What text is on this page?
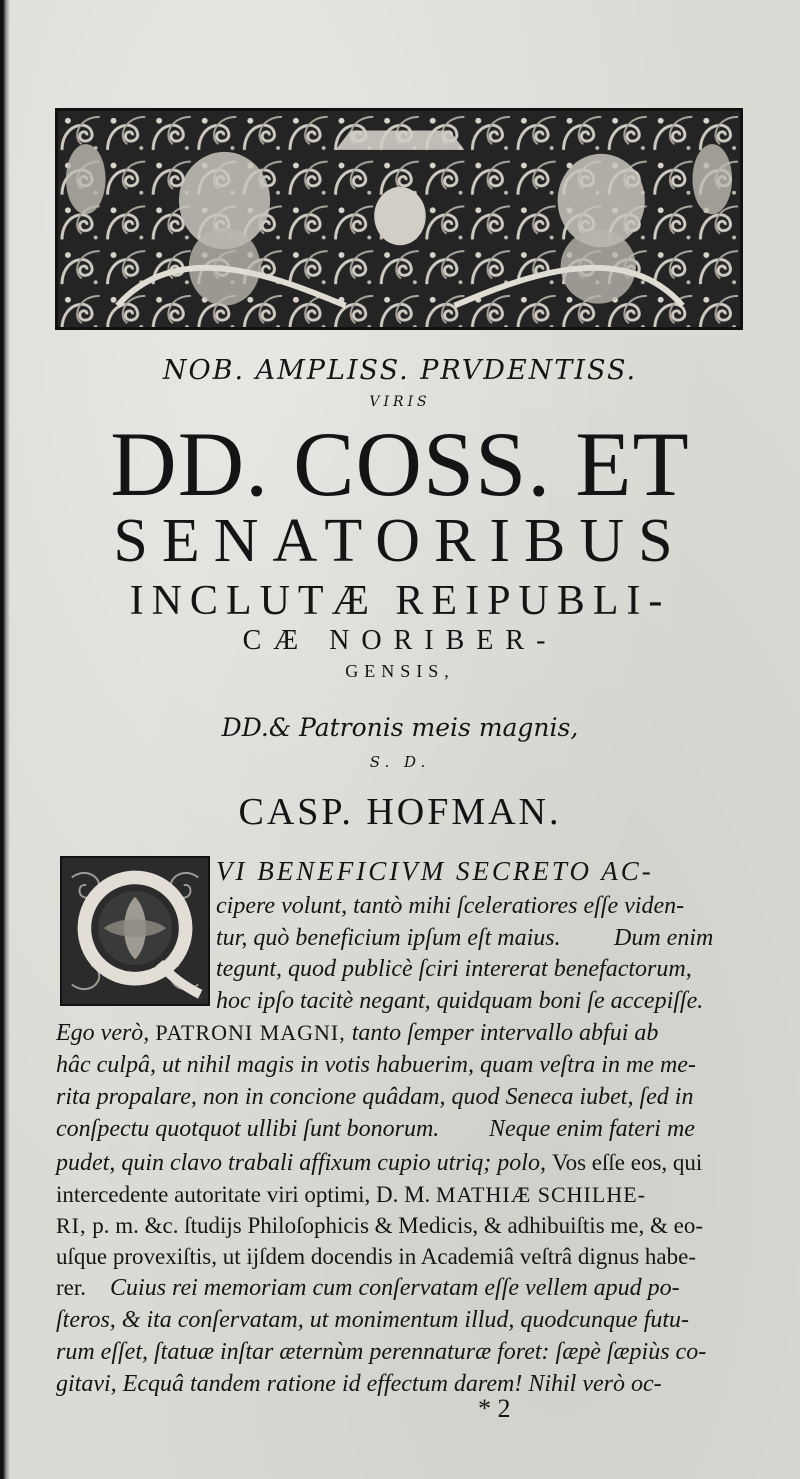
NOB. AMPLISS. PRVDENTISS.
VIRIS
DD. COSS. ET
SENATORIBUS
INCLUTÆ REIPUBLI-
CÆ NORIBER-
GENSIS,
DD.& Patronis meis magnis,
S. D.
CASP. HOFMAN.
VI BENEFICIVM SECRETO AC-
cipere volunt, tantò mihi ſceleratiores eſſe viden-
tur, quò beneficium ipſum eſt maius. Dum enim
tegunt, quod publicè ſciri intererat benefactorum,
hoc ipſo tacitè negant, quidquam boni ſe accepiſſe.
Ego verò, PATRONI MAGNI, tanto ſemper intervallo abfui ab
hâc culpâ, ut nihil magis in votis habuerim, quam veſtra in me me-
rita propalare, non in concione quâdam, quod Seneca iubet, ſed in
conſpectu quotquot ullibi ſunt bonorum. Neque enim fateri me
pudet, quin clavo trabali affixum cupio utriq; polo, Vos eſſe eos, qui
intercedente autoritate viri optimi, D. M. MATHIÆ SCHILHE-
RI, p. m. &c. ſtudijs Philoſophicis & Medicis, & adhibuiſtis me, & eo-
uſque provexiſtis, ut ijſdem docendis in Academiâ veſtrâ dignus habe-
rer. Cuius rei memoriam cum conſervatam eſſe vellem apud po-
ſteros, & ita conſervatam, ut monimentum illud, quodcunque futu-
rum eſſet, ſtatuæ inſtar æternùm perennaturæ foret: ſæpè ſæpiùs co-
gitavi, Ecquâ tandem ratione id effectum darem! Nihil verò oc-
* 2
